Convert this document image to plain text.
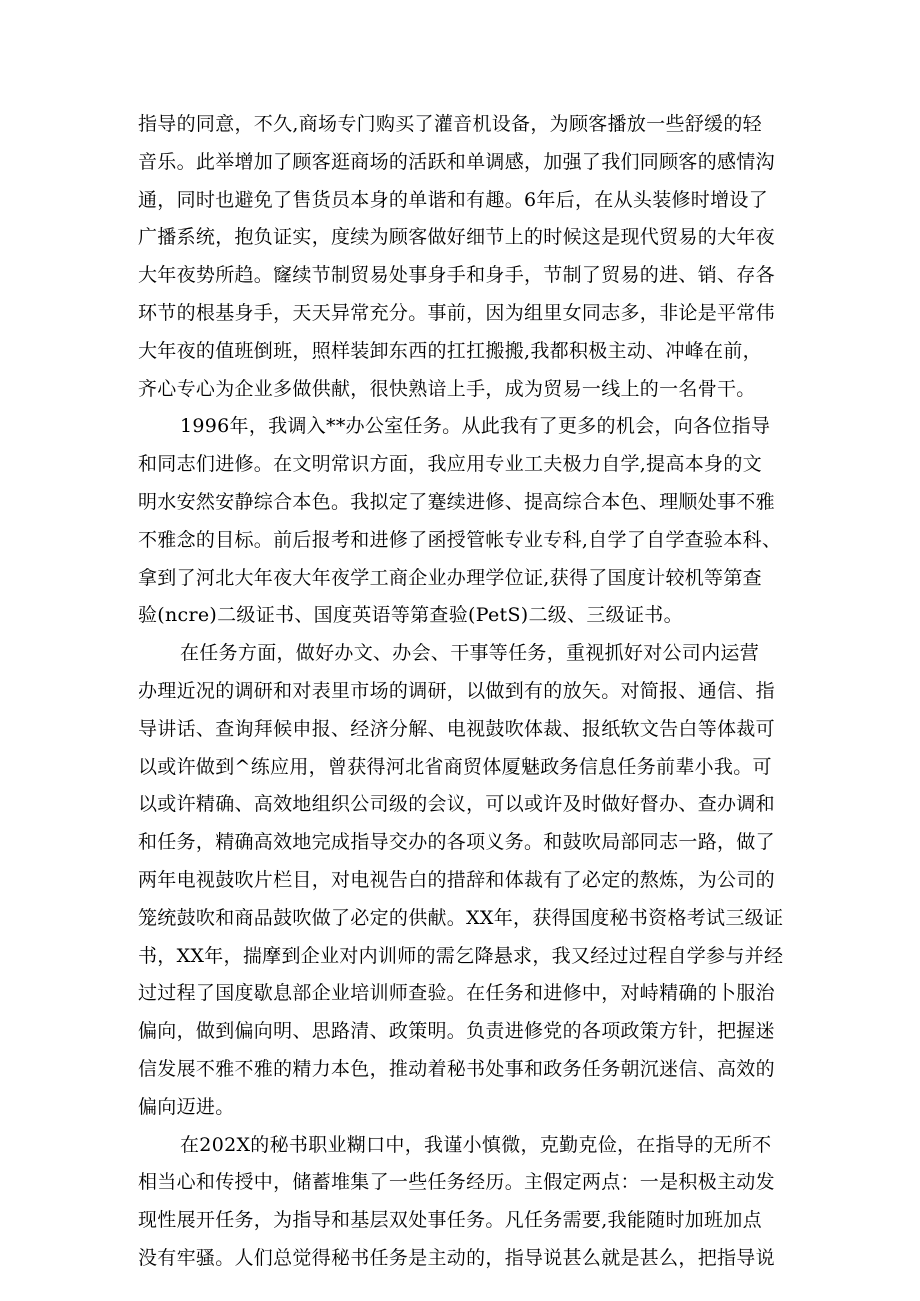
指导的同意，不久,商场专门购买了灌音机设备，为顾客播放一些舒缓的轻
音乐。此举增加了顾客逛商场的活跃和单调感，加强了我们同顾客的感情沟
通，同时也避免了售货员本身的单谐和有趣。6年后，在从头装修时增设了
广播系统，抱负证实，度续为顾客做好细节上的时候这是现代贸易的大年夜
大年夜势所趋。窿续节制贸易处事身手和身手，节制了贸易的进、销、存各
环节的根基身手，天天异常充分。事前，因为组里女同志多，非论是平常伟
大年夜的值班倒班，照样装卸东西的扛扛搬搬,我都积极主动、冲峰在前，
齐心专心为企业多做供献，很快熟谙上手，成为贸易一线上的一名骨干。
1996年，我调入**办公室任务。从此我有了更多的机会，向各位指导
和同志们进修。在文明常识方面，我应用专业工夫极力自学,提高本身的文
明水安然安静综合本色。我拟定了蹇续进修、提高综合本色、理顺处事不雅
不雅念的目标。前后报考和进修了函授管帐专业专科,自学了自学查验本科、
拿到了河北大年夜大年夜学工商企业办理学位证,获得了国度计较机等第查
验(ncre)二级证书、国度英语等第查验(PetS)二级、三级证书。
在任务方面，做好办文、办会、干事等任务，重视抓好对公司内运营
办理近况的调研和对表里市场的调研，以做到有的放矢。对简报、通信、指
导讲话、查询拜候申报、经济分解、电视鼓吹体裁、报纸软文告白等体裁可
以或许做到^练应用，曾获得河北省商贸体厦魅政务信息任务前辈小我。可
以或许精确、高效地组织公司级的会议，可以或许及时做好督办、查办调和
和任务，精确高效地完成指导交办的各项义务。和鼓吹局部同志一路，做了
两年电视鼓吹片栏目，对电视告白的措辞和体裁有了必定的熬炼，为公司的
笼统鼓吹和商品鼓吹做了必定的供献。XX年，获得国度秘书资格考试三级证
书，XX年，揣摩到企业对内训师的需乞降悬求，我又经过过程自学参与并经
过过程了国度歇息部企业培训师查验。在任务和进修中，对峙精确的卜服治
偏向，做到偏向明、思路清、政策明。负责进修党的各项政策方针，把握迷
信发展不雅不雅的精力本色，推动着秘书处事和政务任务朝沉迷信、高效的
偏向迈进。
在202X的秘书职业糊口中，我谨小慎微，克勤克俭，在指导的无所不
相当心和传授中，储蓄堆集了一些任务经历。主假定两点：一是积极主动发
现性展开任务，为指导和基层双处事任务。凡任务需要,我能随时加班加点
没有牢骚。人们总觉得秘书任务是主动的，指导说甚么就是甚么，把指导说
